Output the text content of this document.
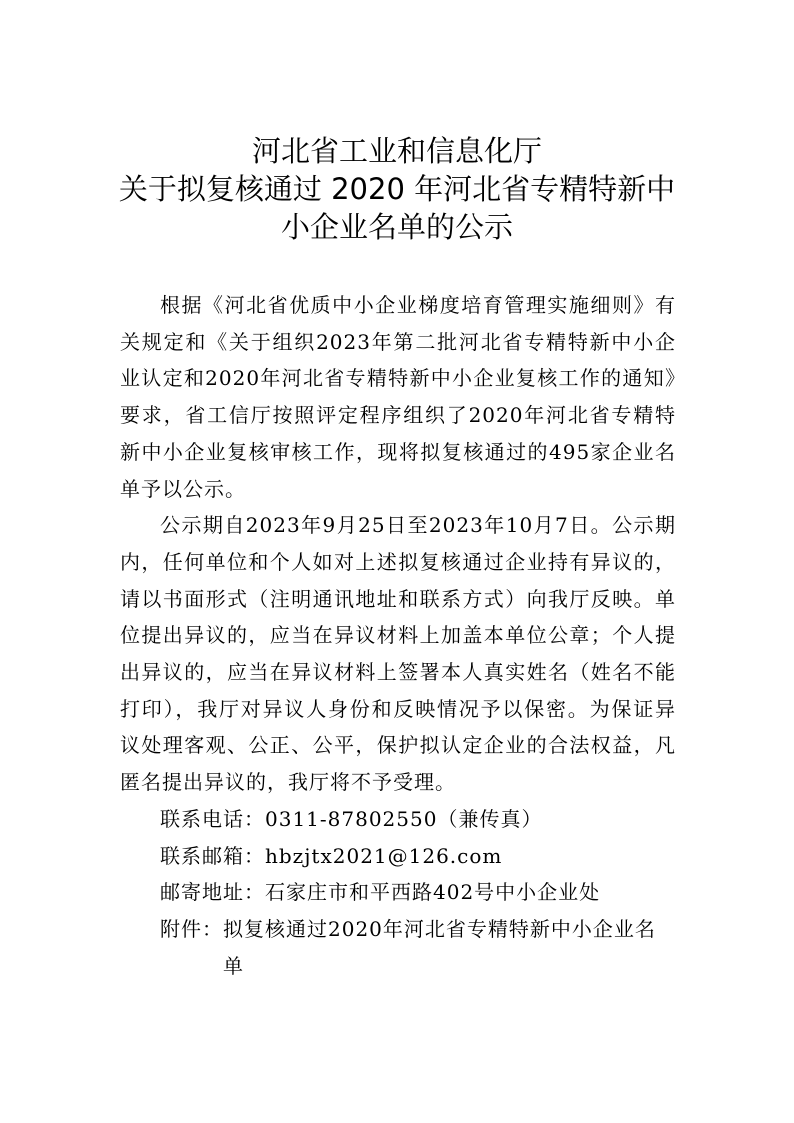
河北省工业和信息化厅
关于拟复核通过 2020 年河北省专精特新中
小企业名单的公示

根据《河北省优质中小企业梯度培育管理实施细则》有关规定和《关于组织2023年第二批河北省专精特新中小企业认定和2020年河北省专精特新中小企业复核工作的通知》要求，省工信厅按照评定程序组织了2020年河北省专精特新中小企业复核审核工作，现将拟复核通过的495家企业名单予以公示。

公示期自2023年9月25日至2023年10月7日。公示期内，任何单位和个人如对上述拟复核通过企业持有异议的，请以书面形式（注明通讯地址和联系方式）向我厅反映。单位提出异议的，应当在异议材料上加盖本单位公章；个人提出异议的，应当在异议材料上签署本人真实姓名（姓名不能打印），我厅对异议人身份和反映情况予以保密。为保证异议处理客观、公正、公平，保护拟认定企业的合法权益，凡匿名提出异议的，我厅将不予受理。

联系电话：0311-87802550（兼传真）

联系邮箱：hbzjtx2021@126.com

邮寄地址：石家庄市和平西路402号中小企业处

附件： 拟复核通过2020年河北省专精特新中小企业名单
